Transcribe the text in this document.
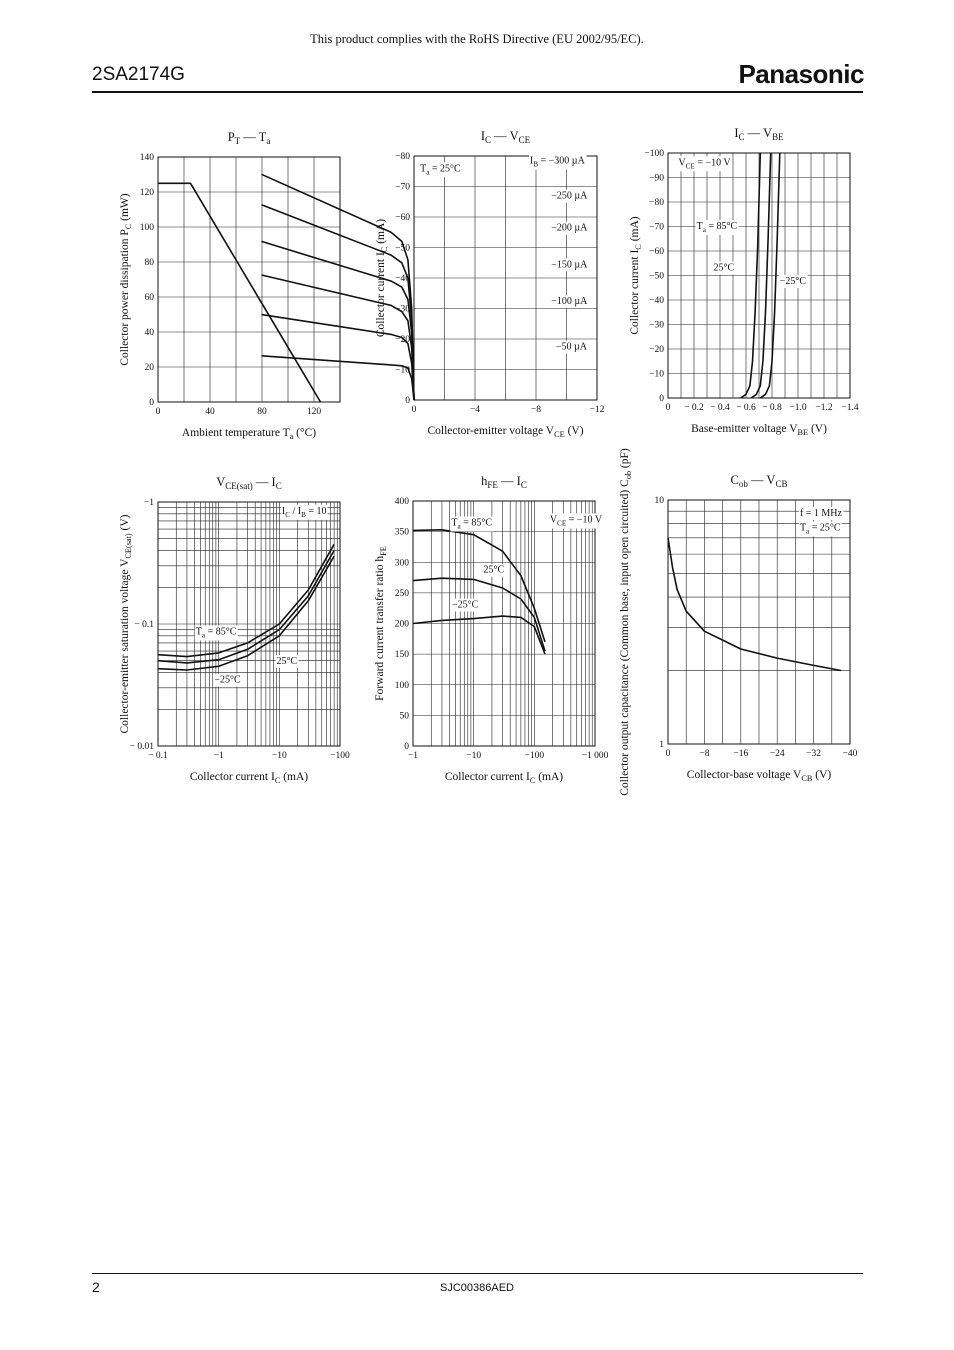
This product complies with the RoHS Directive (EU 2002/95/EC).
2SA2174G	Panasonic
0	40	80	120
0
20
40
60
80
100
120
140
$P_T$ — $T_a$
Ambient temperature $T_a$ (°C)
Collector power dissipation $P_C$ (mW)
0	−4	−8	−12
0
−10
−20
−30
−40
−50
−60
−70
−80
$I_C$ — $V_{CE}$
Collector-emitter voltage $V_{CE}$ (V)
Collector current $I_C$ (mA)
$T_a = 25^\circ C$
$I_B = -300$ µA
−250 µA
−200 µA
−150 µA
−100 µA
−50 µA
0 − 0.2 − 0.4 − 0.6 − 0.8 −1.0 −1.2 −1.4
0
−10
−20
−30
−40
−50
−60
−70
−80
−90
−100
$I_C$ — $V_{BE}$
Base-emitter voltage $V_{BE}$ (V)
Collector current $I_C$ (mA)
$V_{CE} = -10$ V
$T_a = 85^\circ C$
25°C
−25°C
− 0.1	−1	−10	−100
− 0.01
− 0.1
−1
$V_{CE(sat)}$ — $I_C$
Collector current $I_C$ (mA)
Collector-emitter saturation voltage $V_{CE(sat)}$ (V)
$I_C / I_B = 10$
$T_a = 85^\circ C$
25°C
−25°C
−1	−10	−100	−1 000
0
50
100
150
200
250
300
350
400
$h_{FE}$ — $I_C$
Collector current $I_C$ (mA)
Forward current transfer ratio $h_{FE}$
$T_a = 85^\circ C$	$V_{CE} = -10$ V
25°C
−25°C
0	−8	−16 −24 −32 −40
1
10
$C_{ob}$ — $V_{CB}$
Collector-base voltage $V_{CB}$ (V)
Collector output capacitance (Common base, input open circuited) $C_{ob}$ (pF)
f = 1 MHz
$T_a = 25^\circ C$
2	SJC00386AED
